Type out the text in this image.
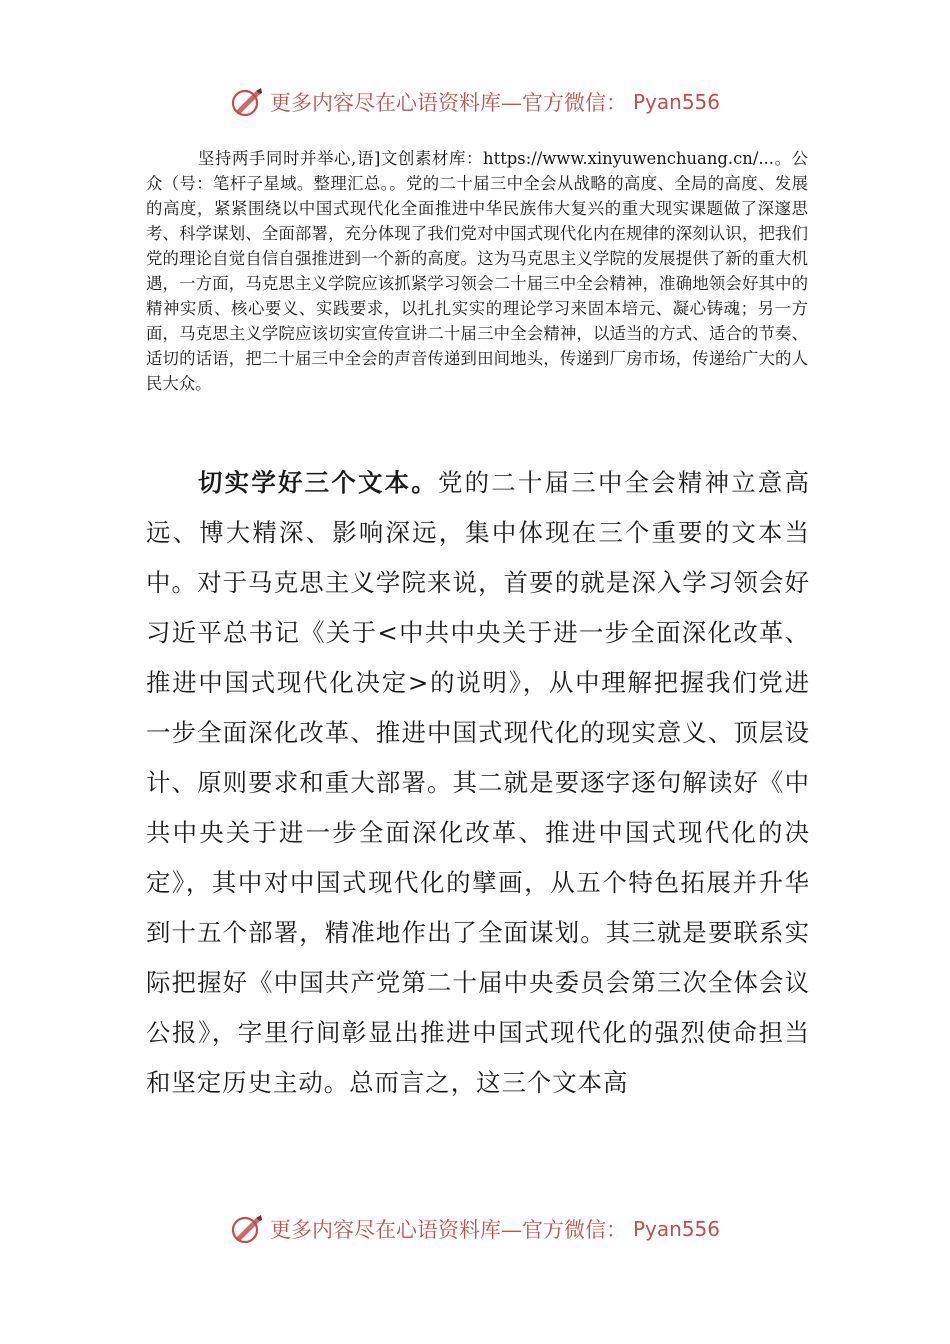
更多内容尽在心语资料库—官方微信： Pyan556

坚持两手同时并举心,语]文创素材库：https://www.xinyuwenchuang.cn/...。公众（号：笔杆子星域。整理汇总。。党的二十届三中全会从战略的高度、全局的高度、发展的高度，紧紧围绕以中国式现代化全面推进中华民族伟大复兴的重大现实课题做了深邃思考、科学谋划、全面部署，充分体现了我们党对中国式现代化内在规律的深刻认识，把我们党的理论自觉自信自强推进到一个新的高度。这为马克思主义学院的发展提供了新的重大机遇，一方面，马克思主义学院应该抓紧学习领会二十届三中全会精神，准确地领会好其中的精神实质、核心要义、实践要求，以扎扎实实的理论学习来固本培元、凝心铸魂；另一方面，马克思主义学院应该切实宣传宣讲二十届三中全会精神，以适当的方式、适合的节奏、适切的话语，把二十届三中全会的声音传递到田间地头，传递到厂房市场，传递给广大的人民大众。

切实学好三个文本。党的二十届三中全会精神立意高远、博大精深、影响深远，集中体现在三个重要的文本当中。对于马克思主义学院来说，首要的就是深入学习领会好习近平总书记《关于<中共中央关于进一步全面深化改革、推进中国式现代化决定>的说明》，从中理解把握我们党进一步全面深化改革、推进中国式现代化的现实意义、顶层设计、原则要求和重大部署。其二就是要逐字逐句解读好《中共中央关于进一步全面深化改革、推进中国式现代化的决定》，其中对中国式现代化的擘画，从五个特色拓展并升华到十五个部署，精准地作出了全面谋划。其三就是要联系实际把握好《中国共产党第二十届中央委员会第三次全体会议公报》，字里行间彰显出推进中国式现代化的强烈使命担当和坚定历史主动。总而言之，这三个文本高

更多内容尽在心语资料库—官方微信： Pyan556
